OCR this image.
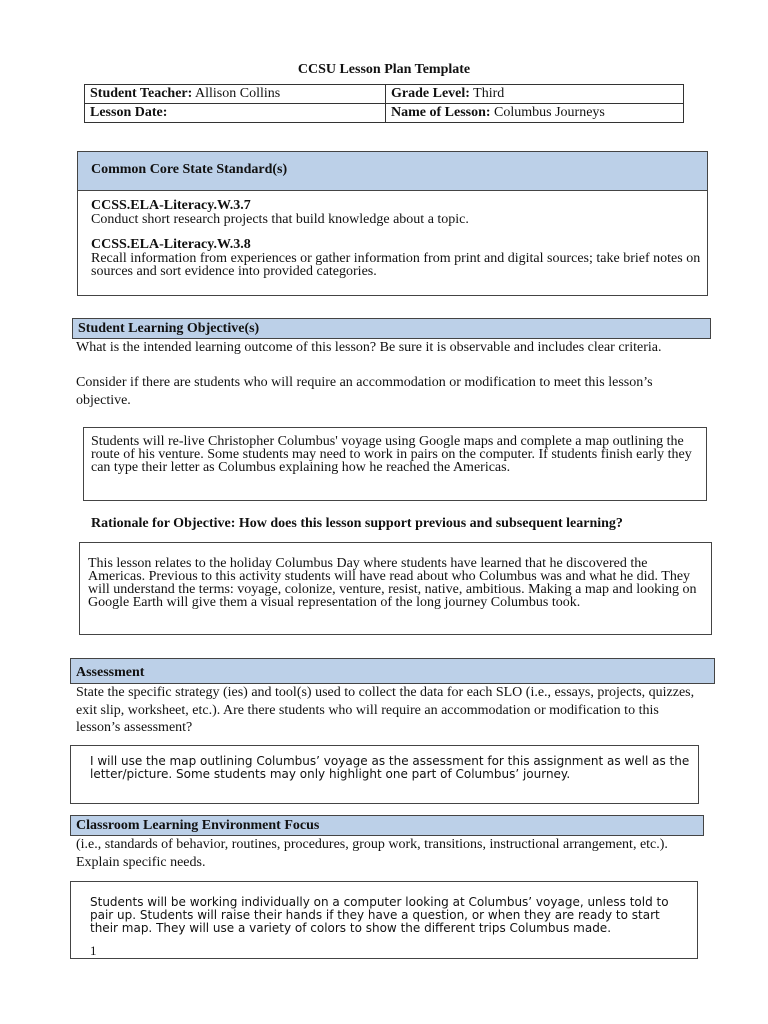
CCSU Lesson Plan Template
Student Teacher: Allison Collins	Grade Level: Third
Lesson Date:	Name of Lesson: Columbus Journeys
Common Core State Standard(s)
CCSS.ELA-Literacy.W.3.7
Conduct short research projects that build knowledge about a topic.
CCSS.ELA-Literacy.W.3.8
Recall information from experiences or gather information from print and digital sources; take brief notes on sources and sort evidence into provided categories.
Student Learning Objective(s)
What is the intended learning outcome of this lesson? Be sure it is observable and includes clear criteria.
Consider if there are students who will require an accommodation or modification to meet this lesson’s objective.
Students will re-live Christopher Columbus' voyage using Google maps and complete a map outlining the route of his venture. Some students may need to work in pairs on the computer. If students finish early they can type their letter as Columbus explaining how he reached the Americas.
Rationale for Objective: How does this lesson support previous and subsequent learning?
This lesson relates to the holiday Columbus Day where students have learned that he discovered the Americas. Previous to this activity students will have read about who Columbus was and what he did. They will understand the terms: voyage, colonize, venture, resist, native, ambitious. Making a map and looking on Google Earth will give them a visual representation of the long journey Columbus took.
Assessment
State the specific strategy (ies) and tool(s) used to collect the data for each SLO (i.e., essays, projects, quizzes, exit slip, worksheet, etc.). Are there students who will require an accommodation or modification to this lesson’s assessment?
I will use the map outlining Columbus’ voyage as the assessment for this assignment as well as the letter/picture. Some students may only highlight one part of Columbus’ journey.
Classroom Learning Environment Focus
(i.e., standards of behavior, routines, procedures, group work, transitions, instructional arrangement, etc.). Explain specific needs.
Students will be working individually on a computer looking at Columbus’ voyage, unless told to pair up. Students will raise their hands if they have a question, or when they are ready to start their map. They will use a variety of colors to show the different trips Columbus made.
1
